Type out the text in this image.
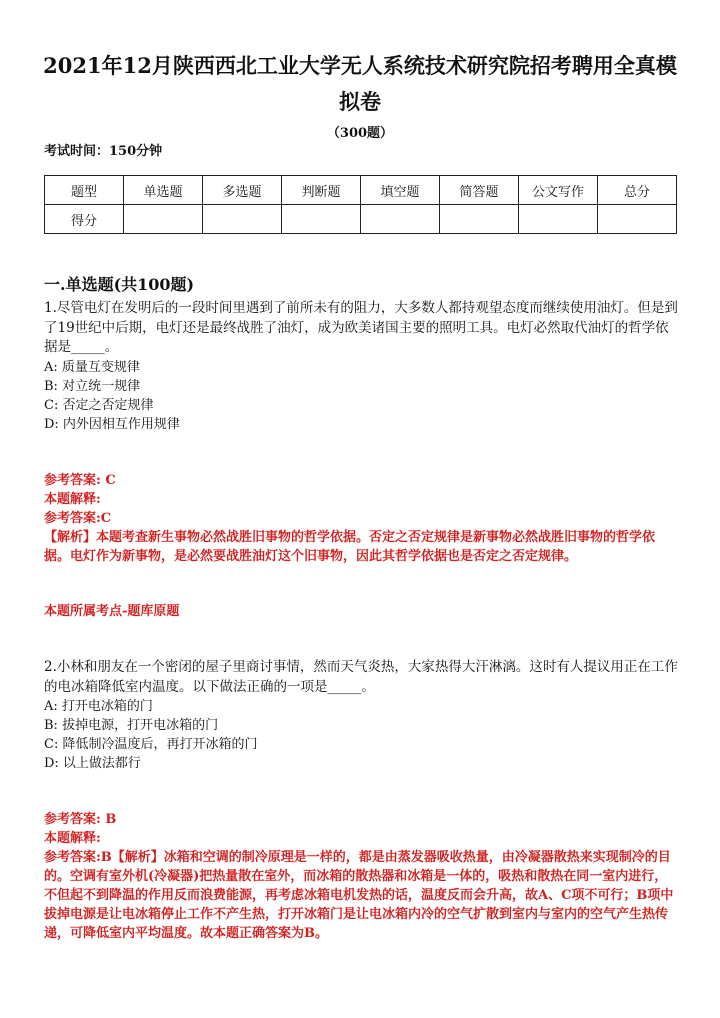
2021年12月陕西西北工业大学无人系统技术研究院招考聘用全真模拟卷
（300题）
考试时间：150分钟
题型	单选题	多选题	判断题	填空题	简答题	公文写作	总分
得分							
一.单选题(共100题)
1.尽管电灯在发明后的一段时间里遇到了前所未有的阻力，大多数人都持观望态度而继续使用油灯。但是到了19世纪中后期，电灯还是最终战胜了油灯，成为欧美诸国主要的照明工具。电灯必然取代油灯的哲学依据是_____。
A: 质量互变规律
B: 对立统一规律
C: 否定之否定规律
D: 内外因相互作用规律
参考答案: C
本题解释:
参考答案:C
【解析】本题考查新生事物必然战胜旧事物的哲学依据。否定之否定规律是新事物必然战胜旧事物的哲学依据。电灯作为新事物，是必然要战胜油灯这个旧事物，因此其哲学依据也是否定之否定规律。
本题所属考点-题库原题
2.小林和朋友在一个密闭的屋子里商讨事情，然而天气炎热，大家热得大汗淋漓。这时有人提议用正在工作的电冰箱降低室内温度。以下做法正确的一项是_____。
A: 打开电冰箱的门
B: 拔掉电源，打开电冰箱的门
C: 降低制冷温度后，再打开冰箱的门
D: 以上做法都行
参考答案: B
本题解释:
参考答案:B【解析】冰箱和空调的制冷原理是一样的，都是由蒸发器吸收热量，由冷凝器散热来实现制冷的目的。空调有室外机(冷凝器)把热量散在室外，而冰箱的散热器和冰箱是一体的，吸热和散热在同一室内进行，不但起不到降温的作用反而浪费能源，再考虑冰箱电机发热的话，温度反而会升高，故A、C项不可行；B项中拔掉电源是让电冰箱停止工作不产生热，打开冰箱门是让电冰箱内冷的空气扩散到室内与室内的空气产生热传递，可降低室内平均温度。故本题正确答案为B。
